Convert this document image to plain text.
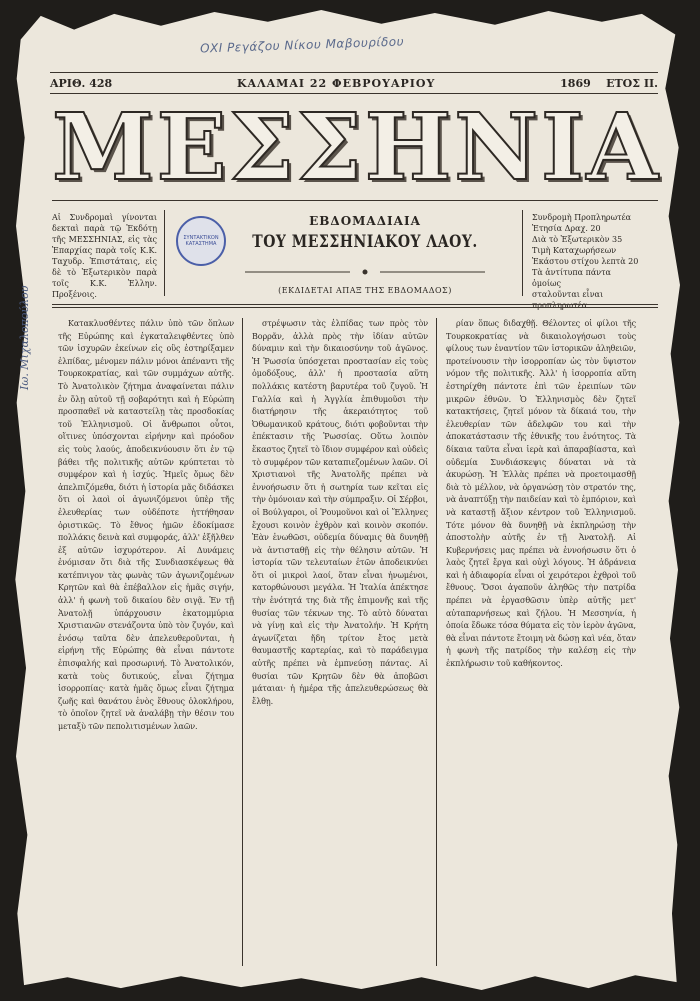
ΟΧΙ Ρεγάζου Νίκου Μαβουρίδου
Ιω. Μιχαλοπούλου
ΑΡΙΘ. 428	ΚΑΛΑΜΑΙ 22 ΦΕΒΡΟΥΑΡΙΟΥ	1869 ΕΤΟΣ ΙΙ.
Μ Ε Σ Σ Η Ν Ι Α
Αἱ Συνδρομαὶ γίνονται δεκταὶ παρὰ τῷ Ἐκδότῃ τῆς ΜΕΣΣΗΝΙΑΣ, εἰς τὰς Ἐπαρχίας παρὰ τοῖς Κ.Κ. Ταχυδρ. Ἐπιστάταις, εἰς δὲ τὸ Ἐξωτερικὸν παρὰ τοῖς Κ.Κ. Ἑλλην. Προξένοις.
ΣΥΝΤΑΚΤΙΚΟΝ ΚΑΤΑΣΤΗΜΑ
ΕΒΔΟΜΑΔΙΑΙΑ
ΤΟΥ ΜΕΣΣΗΝΙΑΚΟΥ ΛΑΟΥ.
(ΕΚΔΙΔΕΤΑΙ ΑΠΑΞ ΤΗΣ ΕΒΔΟΜΑΔΟΣ)
Συνδρομὴ Προπληρωτέα
Ἐτησία Δραχ. 20
Διὰ τὸ Ἐξωτερικὸν 35
Τιμὴ Καταχωρήσεων
Ἑκάστου στίχου λεπτὰ 20
Τὰ ἀντίτυπα πάντα ὁμοίως
σταλοῦνται εἶναι προπληρωτέα

Κατακλυσθέντες πάλιν ὑπὸ τῶν ὅπλων τῆς Εὐρώπης καὶ ἐγκαταλειφθέντες ὑπὸ τῶν ἰσχυρῶν ἐκείνων εἰς οὓς ἐστηρίξαμεν ἐλπίδας, μένομεν πάλιν μόνοι ἀπέναντι τῆς Τουρκοκρατίας, καὶ τῶν συμμάχων αὐτῆς. Τὸ Ἀνατολικὸν ζήτημα ἀναφαίνεται πάλιν ἐν ὅλῃ αὐτοῦ τῇ σοβαρότητι καὶ ἡ Εὐρώπη προσπαθεῖ νὰ καταστείλῃ τὰς προσδοκίας τοῦ Ἑλληνισμοῦ. Οἱ ἄνθρωποι οὗτοι, οἵτινες ὑπόσχονται εἰρήνην καὶ πρόοδον εἰς τοὺς λαούς, ἀποδεικνύουσιν ὅτι ἐν τῷ βάθει τῆς πολιτικῆς αὐτῶν κρύπτεται τὸ συμφέρον καὶ ἡ ἰσχύς. Ἡμεῖς ὅμως δὲν ἀπελπιζόμεθα, διότι ἡ ἱστορία μᾶς διδάσκει ὅτι οἱ λαοὶ οἱ ἀγωνιζόμενοι ὑπὲρ τῆς ἐλευθερίας των οὐδέποτε ἡττήθησαν ὁριστικῶς. Τὸ ἔθνος ἡμῶν ἐδοκίμασε πολλάκις δεινὰ καὶ συμφοράς, ἀλλ' ἐξῆλθεν ἐξ αὐτῶν ἰσχυρότερον. Αἱ Δυνάμεις ἐνόμισαν ὅτι διὰ τῆς Συνδιασκέψεως θὰ κατέπνιγον τὰς φωνὰς τῶν ἀγωνιζομένων Κρητῶν καὶ θὰ ἐπέβαλλον εἰς ἡμᾶς σιγήν, ἀλλ' ἡ φωνὴ τοῦ δικαίου δὲν σιγᾷ. Ἐν τῇ Ἀνατολῇ ὑπάρχουσιν ἑκατομμύρια Χριστιανῶν στενάζοντα ὑπὸ τὸν ζυγόν, καὶ ἐνόσῳ ταῦτα δὲν ἀπελευθεροῦνται, ἡ εἰρήνη τῆς Εὐρώπης θὰ εἶναι πάντοτε ἐπισφαλής καὶ προσωρινή. Τὸ Ἀνατολικόν, κατὰ τοὺς δυτικούς, εἶναι ζήτημα ἰσορροπίας· κατὰ ἡμᾶς ὅμως εἶναι ζήτημα ζωῆς καὶ θανάτου ἑνὸς ἔθνους ὁλοκλήρου, τὸ ὁποῖον ζητεῖ νὰ ἀναλάβῃ τὴν θέσιν του μεταξὺ τῶν πεπολιτισμένων λαῶν.

στρέψωσιν τὰς ἐλπίδας των πρὸς τὸν Βορρᾶν, ἀλλὰ πρὸς τὴν ἰδίαν αὐτῶν δύναμιν καὶ τὴν δικαιοσύνην τοῦ ἀγῶνος. Ἡ Ῥωσσία ὑπόσχεται προστασίαν εἰς τοὺς ὁμοδόξους, ἀλλ' ἡ προστασία αὕτη πολλάκις κατέστη βαρυτέρα τοῦ ζυγοῦ. Ἡ Γαλλία καὶ ἡ Ἀγγλία ἐπιθυμοῦσι τὴν διατήρησιν τῆς ἀκεραιότητος τοῦ Ὀθωμανικοῦ κράτους, διότι φοβοῦνται τὴν ἐπέκτασιν τῆς Ῥωσσίας. Οὕτω λοιπὸν ἕκαστος ζητεῖ τὸ ἴδιον συμφέρον καὶ οὐδεὶς τὸ συμφέρον τῶν καταπιεζομένων λαῶν. Οἱ Χριστιανοὶ τῆς Ἀνατολῆς πρέπει νὰ ἐννοήσωσιν ὅτι ἡ σωτηρία των κεῖται εἰς τὴν ὁμόνοιαν καὶ τὴν σύμπραξιν. Οἱ Σέρβοι, οἱ Βούλγαροι, οἱ Ῥουμοῦνοι καὶ οἱ Ἕλληνες ἔχουσι κοινὸν ἐχθρὸν καὶ κοινὸν σκοπόν. Ἐὰν ἑνωθῶσι, οὐδεμία δύναμις θὰ δυνηθῇ νὰ ἀντισταθῇ εἰς τὴν θέλησιν αὐτῶν. Ἡ ἱστορία τῶν τελευταίων ἐτῶν ἀποδεικνύει ὅτι οἱ μικροὶ λαοί, ὅταν εἶναι ἡνωμένοι, κατορθώνουσι μεγάλα. Ἡ Ἰταλία ἀπέκτησε τὴν ἑνότητά της διὰ τῆς ἐπιμονῆς καὶ τῆς θυσίας τῶν τέκνων της. Τὸ αὐτὸ δύναται νὰ γίνῃ καὶ εἰς τὴν Ἀνατολήν. Ἡ Κρήτη ἀγωνίζεται ἤδη τρίτον ἔτος μετὰ θαυμαστῆς καρτερίας, καὶ τὸ παράδειγμα αὐτῆς πρέπει νὰ ἐμπνεύσῃ πάντας. Αἱ θυσίαι τῶν Κρητῶν δὲν θὰ ἀποβῶσι μάταιαι· ἡ ἡμέρα τῆς ἀπελευθερώσεως θὰ ἔλθῃ.

ρίαν ὅπως διδαχθῇ. Θέλοντες οἱ φίλοι τῆς Τουρκοκρατίας νὰ δικαιολογήσωσι τοὺς φίλους των ἐναντίον τῶν ἱστορικῶν ἀληθειῶν, προτείνουσιν τὴν ἰσορροπίαν ὡς τὸν ὕψιστον νόμον τῆς πολιτικῆς. Ἀλλ' ἡ ἰσορροπία αὕτη ἐστηρίχθη πάντοτε ἐπὶ τῶν ἐρειπίων τῶν μικρῶν ἐθνῶν. Ὁ Ἑλληνισμὸς δὲν ζητεῖ κατακτήσεις, ζητεῖ μόνον τὰ δίκαιά του, τὴν ἐλευθερίαν τῶν ἀδελφῶν του καὶ τὴν ἀποκατάστασιν τῆς ἐθνικῆς του ἑνότητος. Τὰ δίκαια ταῦτα εἶναι ἱερὰ καὶ ἀπαραβίαστα, καὶ οὐδεμία Συνδιάσκεψις δύναται νὰ τὰ ἀκυρώσῃ. Ἡ Ἑλλὰς πρέπει νὰ προετοιμασθῇ διὰ τὸ μέλλον, νὰ ὀργανώσῃ τὸν στρατόν της, νὰ ἀναπτύξῃ τὴν παιδείαν καὶ τὸ ἐμπόριον, καὶ νὰ καταστῇ ἄξιον κέντρον τοῦ Ἑλληνισμοῦ. Τότε μόνον θὰ δυνηθῇ νὰ ἐκπληρώσῃ τὴν ἀποστολὴν αὐτῆς ἐν τῇ Ἀνατολῇ. Αἱ Κυβερνήσεις μας πρέπει νὰ ἐννοήσωσιν ὅτι ὁ λαὸς ζητεῖ ἔργα καὶ οὐχὶ λόγους. Ἡ ἀδράνεια καὶ ἡ ἀδιαφορία εἶναι οἱ χειρότεροι ἐχθροὶ τοῦ ἔθνους. Ὅσοι ἀγαποῦν ἀληθῶς τὴν πατρίδα πρέπει νὰ ἐργασθῶσιν ὑπὲρ αὐτῆς μετ' αὐταπαρνήσεως καὶ ζήλου. Ἡ Μεσσηνία, ἡ ὁποία ἔδωκε τόσα θύματα εἰς τὸν ἱερὸν ἀγῶνα, θὰ εἶναι πάντοτε ἕτοιμη νὰ δώσῃ καὶ νέα, ὅταν ἡ φωνὴ τῆς πατρίδος τὴν καλέσῃ εἰς τὴν ἐκπλήρωσιν τοῦ καθήκοντος.
